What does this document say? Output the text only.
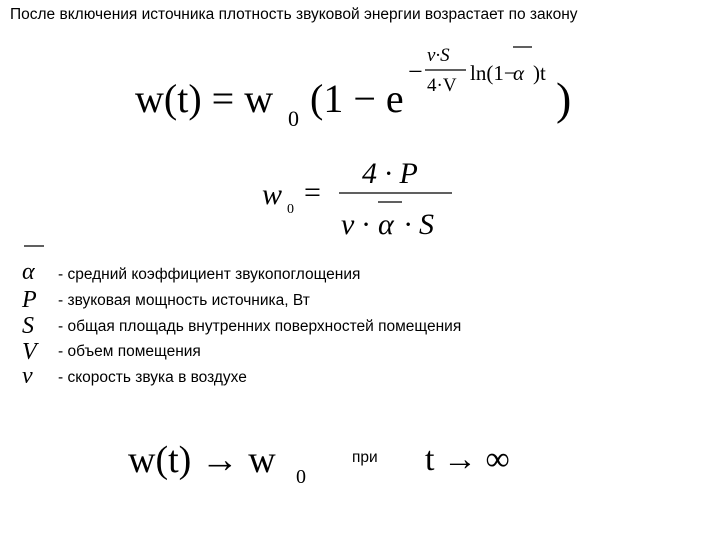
После включения источника плотность звуковой энергии возрастает по закону
w(t) = w 0 (1 − e
−
v·S
4·V
ln(1−
α )t )
w 0
=
4 · P
v · α · S
w(t) → w 0	t → ∞
α - средний коэффициент звукопоглощения
P - звуковая мощность источника, Вт
S - общая площадь внутренних поверхностей помещения
V - объем помещения
v - скорость звука в воздухе
при
